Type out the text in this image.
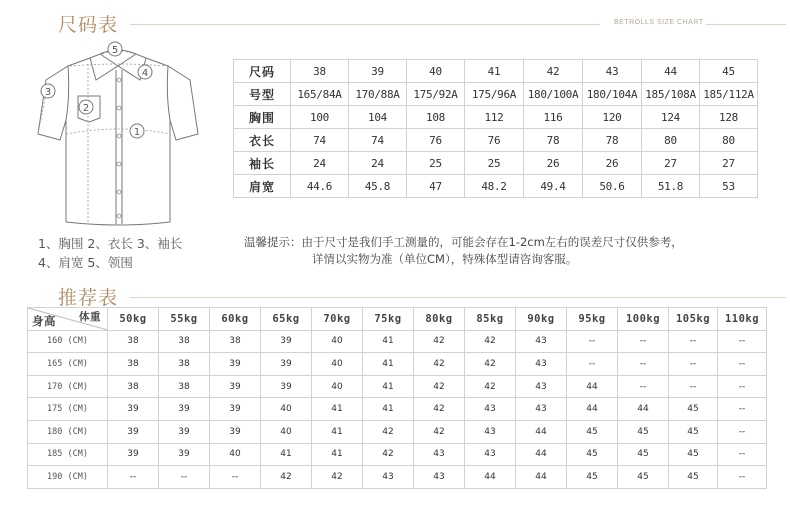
尺码表	BETROLLS SIZE CHART
5
4
3
2
1
1、胸围 2、衣长 3、袖长
4、肩宽 5、领围
尺码	38	39	40	41	42	43	44	45
号型	165/84A	170/88A	175/92A	175/96A	180/100A	180/104A	185/108A	185/112A
胸围	100	104	108	112	116	120	124	128
衣长	74	74	76	76	78	78	80	80
袖长	24	24	25	25	26	26	27	27
肩宽	44.6	45.8	47	48.2	49.4	50.6	51.8	53
温馨提示：由于尺寸是我们手工测量的，可能会存在1-2cm左右的误差尺寸仅供参考，
详情以实物为准（单位CM），特殊体型请咨询客服。
推荐表
体重
身高	50kg	55kg	60kg	65kg	70kg	75kg	80kg	85kg	90kg	95kg	100kg	105kg	110kg
160 (CM)	38	38	38	39	40	41	42	42	43	--	--	--	--
165 (CM)	38	38	39	39	40	41	42	42	43	--	--	--	--
170 (CM)	38	38	39	39	40	41	42	42	43	44	--	--	--
175 (CM)	39	39	39	40	41	41	42	43	43	44	44	45	--
180 (CM)	39	39	39	40	41	42	42	43	44	45	45	45	--
185 (CM)	39	39	40	41	41	42	43	43	44	45	45	45	--
190 (CM)	--	--	--	42	42	43	43	44	44	45	45	45	--
